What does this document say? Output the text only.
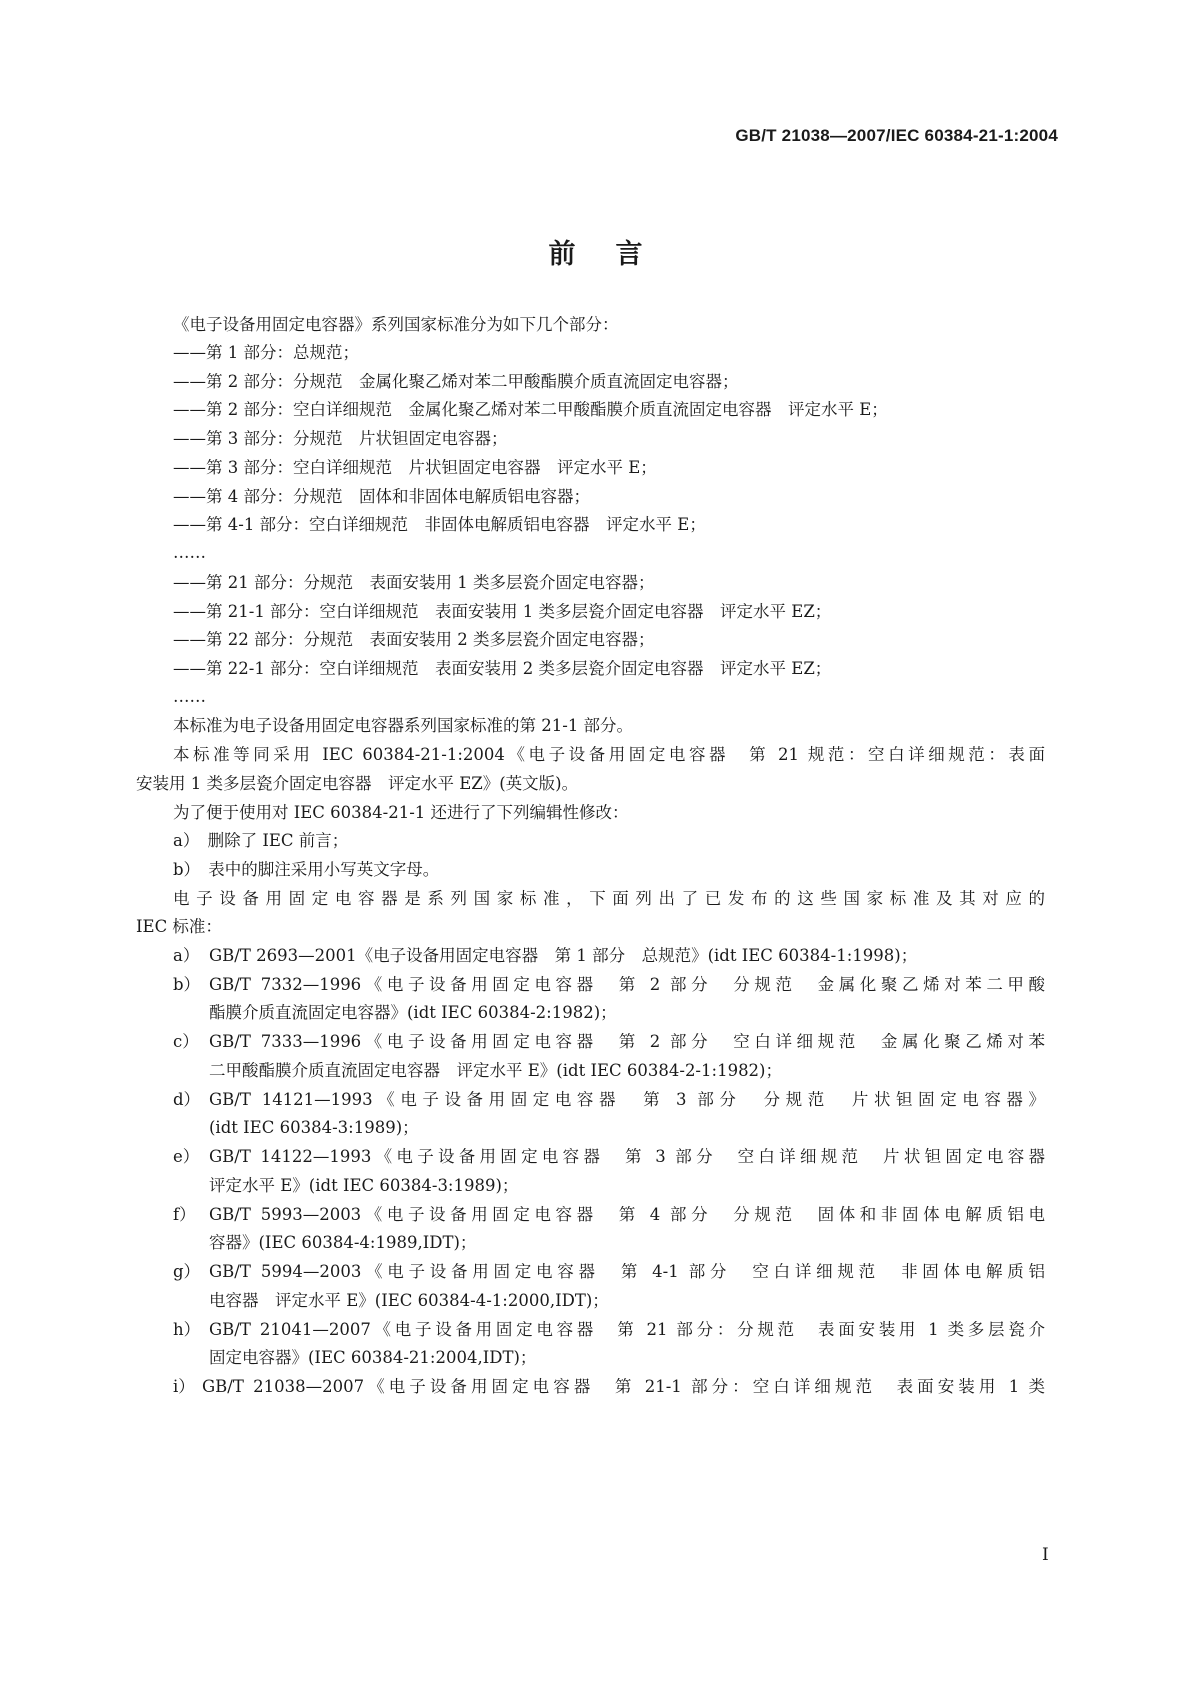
GB/T 21038—2007/IEC 60384-21-1:2004
前言
《电子设备用固定电容器》系列国家标准分为如下几个部分：
——第 1 部分：总规范；
——第 2 部分：分规范　金属化聚乙烯对苯二甲酸酯膜介质直流固定电容器；
——第 2 部分：空白详细规范　金属化聚乙烯对苯二甲酸酯膜介质直流固定电容器　评定水平 E；
——第 3 部分：分规范　片状钽固定电容器；
——第 3 部分：空白详细规范　片状钽固定电容器　评定水平 E；
——第 4 部分：分规范　固体和非固体电解质铝电容器；
——第 4-1 部分：空白详细规范　非固体电解质铝电容器　评定水平 E；
……
——第 21 部分：分规范　表面安装用 1 类多层瓷介固定电容器；
——第 21-1 部分：空白详细规范　表面安装用 1 类多层瓷介固定电容器　评定水平 EZ；
——第 22 部分：分规范　表面安装用 2 类多层瓷介固定电容器；
——第 22-1 部分：空白详细规范　表面安装用 2 类多层瓷介固定电容器　评定水平 EZ；
……
本标准为电子设备用固定电容器系列国家标准的第 21-1 部分。
本标准等同采用 IEC 60384-21-1:2004《电子设备用固定电容器　第 21 规范：空白详细规范：表面
安装用 1 类多层瓷介固定电容器　评定水平 EZ》(英文版)。
为了便于使用对 IEC 60384-21-1 还进行了下列编辑性修改：
a）　删除了 IEC 前言；
b）　表中的脚注采用小写英文字母。
电子设备用固定电容器是系列国家标准，下面列出了已发布的这些国家标准及其对应的
IEC 标准：
a） GB/T 2693—2001《电子设备用固定电容器　第 1 部分　总规范》(idt IEC 60384-1:1998)；
b） GB/T 7332—1996《电子设备用固定电容器　第 2 部分　分规范　金属化聚乙烯对苯二甲酸
酯膜介质直流固定电容器》(idt IEC 60384-2:1982)；
c） GB/T 7333—1996《电子设备用固定电容器　第 2 部分　空白详细规范　金属化聚乙烯对苯
二甲酸酯膜介质直流固定电容器　评定水平 E》(idt IEC 60384-2-1:1982)；
d） GB/T 14121—1993《电子设备用固定电容器　第 3 部分　分规范　片状钽固定电容器》
(idt IEC 60384-3:1989)；
e） GB/T 14122—1993《电子设备用固定电容器　第 3 部分　空白详细规范　片状钽固定电容器
评定水平 E》(idt IEC 60384-3:1989)；
f） GB/T 5993—2003《电子设备用固定电容器　第 4 部分　分规范　固体和非固体电解质铝电
容器》(IEC 60384-4:1989,IDT)；
g） GB/T 5994—2003《电子设备用固定电容器　第 4-1 部分　空白详细规范　非固体电解质铝
电容器　评定水平 E》(IEC 60384-4-1:2000,IDT)；
h） GB/T 21041—2007《电子设备用固定电容器　第 21 部分：分规范　表面安装用 1 类多层瓷介
固定电容器》(IEC 60384-21:2004,IDT)；
i） GB/T 21038—2007《电子设备用固定电容器　第 21-1 部分：空白详细规范　表面安装用 1 类
I
